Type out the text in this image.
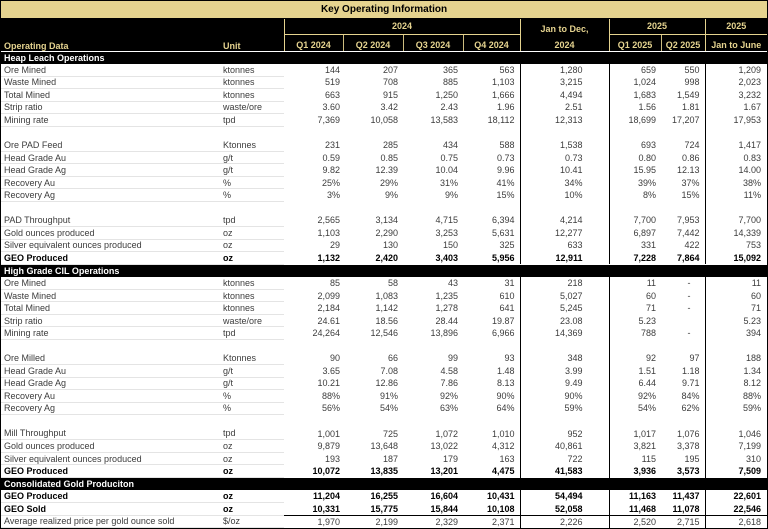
Key Operating Information
		2024				Jan to Dec,	2025		2025
Operating Data	Unit	Q1 2024	Q2 2024	Q3 2024	Q4 2024	2024	Q1 2025	Q2 2025	Jan to June
Heap Leach Operations									
Ore Mined	ktonnes	144	207	365	563	1,280	659	550	1,209
Waste Mined	ktonnes	519	708	885	1,103	3,215	1,024	998	2,023
Total Mined	ktonnes	663	915	1,250	1,666	4,494	1,683	1,549	3,232
Strip ratio	waste/ore	3.60	3.42	2.43	1.96	2.51	1.56	1.81	1.67
Mining rate	tpd	7,369	10,058	13,583	18,112	12,313	18,699	17,207	17,953

Ore PAD Feed	Ktonnes	231	285	434	588	1,538	693	724	1,417
Head Grade Au	g/t	0.59	0.85	0.75	0.73	0.73	0.80	0.86	0.83
Head Grade Ag	g/t	9.82	12.39	10.04	9.96	10.41	15.95	12.13	14.00
Recovery Au	%	25%	29%	31%	41%	34%	39%	37%	38%
Recovery Ag	%	3%	9%	9%	15%	10%	8%	15%	11%

PAD Throughput	tpd	2,565	3,134	4,715	6,394	4,214	7,700	7,953	7,700
Gold ounces produced	oz	1,103	2,290	3,253	5,631	12,277	6,897	7,442	14,339
Silver equivalent ounces produced	oz	29	130	150	325	633	331	422	753
GEO Produced	oz	1,132	2,420	3,403	5,956	12,911	7,228	7,864	15,092
High Grade CIL Operations									
Ore Mined	ktonnes	85	58	43	31	218	11	-	11
Waste Mined	ktonnes	2,099	1,083	1,235	610	5,027	60	-	60
Total Mined	ktonnes	2,184	1,142	1,278	641	5,245	71	-	71
Strip ratio	waste/ore	24.61	18.56	28.44	19.87	23.08	5.23		5.23
Mining rate	tpd	24,264	12,546	13,896	6,966	14,369	788	-	394

Ore Milled	Ktonnes	90	66	99	93	348	92	97	188
Head Grade Au	g/t	3.65	7.08	4.58	1.48	3.99	1.51	1.18	1.34
Head Grade Ag	g/t	10.21	12.86	7.86	8.13	9.49	6.44	9.71	8.12
Recovery Au	%	88%	91%	92%	90%	90%	92%	84%	88%
Recovery Ag	%	56%	54%	63%	64%	59%	54%	62%	59%

Mill Throughput	tpd	1,001	725	1,072	1,010	952	1,017	1,076	1,046
Gold ounces produced	oz	9,879	13,648	13,022	4,312	40,861	3,821	3,378	7,199
Silver equivalent ounces produced	oz	193	187	179	163	722	115	195	310
GEO Produced	oz	10,072	13,835	13,201	4,475	41,583	3,936	3,573	7,509
Consolidated Gold Produciton									
GEO Produced	oz	11,204	16,255	16,604	10,431	54,494	11,163	11,437	22,601
GEO Sold	oz	10,331	15,775	15,844	10,108	52,058	11,468	11,078	22,546
Average realized price per gold ounce sold	$/oz	1,970	2,199	2,329	2,371	2,226	2,520	2,715	2,618
